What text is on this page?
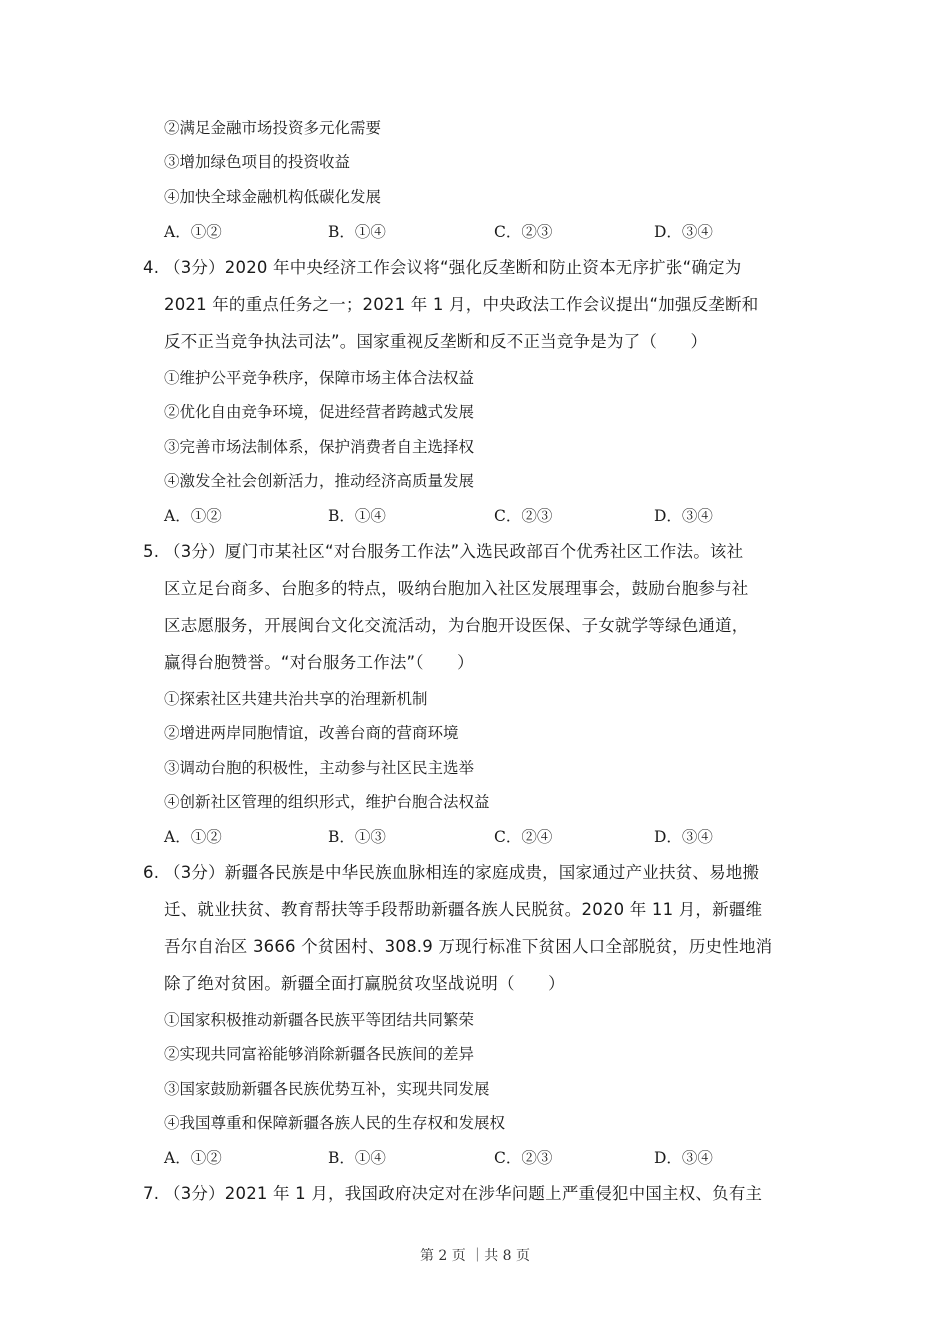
②满足金融市场投资多元化需要
③增加绿色项目的投资收益
④加快全球金融机构低碳化发展
A．①②	B．①④	C．②③	D．③④
4. （3分）2020 年中央经济工作会议将“强化反垄断和防止资本无序扩张“确定为
2021 年的重点任务之一；2021 年 1 月，中央政法工作会议提出“加强反垄断和
反不正当竞争执法司法”。国家重视反垄断和反不正当竞争是为了（　　）
①维护公平竞争秩序，保障市场主体合法权益
②优化自由竞争环境，促进经营者跨越式发展
③完善市场法制体系，保护消费者自主选择权
④激发全社会创新活力，推动经济高质量发展
A．①②	B．①④	C．②③	D．③④
5. （3分）厦门市某社区“对台服务工作法”入选民政部百个优秀社区工作法。该社
区立足台商多、台胞多的特点，吸纳台胞加入社区发展理事会，鼓励台胞参与社
区志愿服务，开展闽台文化交流活动，为台胞开设医保、子女就学等绿色通道，
赢得台胞赞誉。“对台服务工作法”（　　）
①探索社区共建共治共享的治理新机制
②增进两岸同胞情谊，改善台商的营商环境
③调动台胞的积极性，主动参与社区民主选举
④创新社区管理的组织形式，维护台胞合法权益
A．①②	B．①③	C．②④	D．③④
6. （3分）新疆各民族是中华民族血脉相连的家庭成贵，国家通过产业扶贫、易地搬
迁、就业扶贫、教育帮扶等手段帮助新疆各族人民脱贫。2020 年 11 月，新疆维
吾尔自治区 3666 个贫困村、308.9 万现行标准下贫困人口全部脱贫，历史性地消
除了绝对贫困。新疆全面打赢脱贫攻坚战说明（　　）
①国家积极推动新疆各民族平等团结共同繁荣
②实现共同富裕能够消除新疆各民族间的差异
③国家鼓励新疆各民族优势互补，实现共同发展
④我国尊重和保障新疆各族人民的生存权和发展权
A．①②	B．①④	C．②③	D．③④
7. （3分）2021 年 1 月，我国政府决定对在涉华问题上严重侵犯中国主权、负有主
第 2 页 ｜共 8 页
